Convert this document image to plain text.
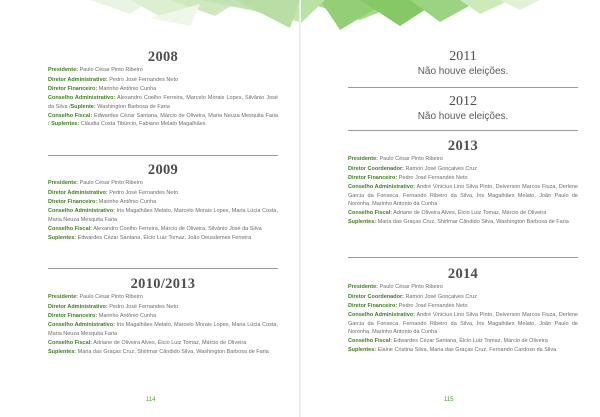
2008
Presidente: Paulo César Pinto Ribeiro
Diretor Administrativo: Pedro José Fernandes Neto
Diretor Financeiro: Marinho Antônio Cunha
Conselho Administrativo: Alexandro Coelho Ferreira, Marcelo Morais Lopes, Silvânio José da Silva /Suplente: Washington Barbosa de Faria
Conselho Fiscal: Edwardes Cézar Santana, Márcio de Oliveira, Maria Neuza Mesquita Faria / Suplentes: Cláudia Costa Tibúrcio, Fabiano Melato Magalhães
2009
Presidente: Paulo César Pinto Ribeiro
Diretor Administrativo: Pedro José Fernandes Neto
Diretor Financeiro: Marinho Antônio Cunha
Conselho Administrativo: Iris Magalhães Melato, Marcelo Morais Lopes, Maria Lúcia Costa, Maria Neuza Mesquita Faria
Conselho Fiscal: Alexandro Coelho Ferreira, Márcio de Oliveira, Silvânio José da Silva
Suplentes: Edwardes Cézar Santana, Élcio Luiz Tomaz, João Deusdemes Ferreira
2010/2013
Presidente: Paulo César Pinto Ribeiro
Diretor Administrativo: Pedro José Fernandes Neto
Diretor Financeiro: Marinho Antônio Cunha
Conselho Administrativo: Iris Magalhães Melato, Marcelo Morais Lopes, Maria Lúcia Costa, Maria Neuza Mesquita Faria
Conselho Fiscal: Adriane de Oliveira Alves, Élcio Luiz Tomaz, Márcio de Oliveira
Suplentes: Maria das Graças Cruz, Shirlmar Cândido Silva, Washington Barbosa de Faria
114
2011
Não houve eleições.
2012
Não houve eleições.
2013
Presidente: Paulo César Pinto Ribeiro
Diretor Coordenador: Ramon José Gonçalves Cruz
Diretor Financeiro: Pedro José Fernandes Neto
Conselho Administrativo: André Vinícius Lino Silva Pinto, Deiverson Marcos Fiuza, Derlene Garcia da Fonseca, Fernando Ribeiro da Silva, Íris Magalhães Melato, João Paulo de Noronha, Marinho Antonio da Cunha
Conselho Fiscal: Adriane de Oliveira Alves, Élcio Luiz Tomaz, Márcio de Oliveira
Suplentes: Maria das Graças Cruz, Shirlmar Cândido Silva, Washington Barbosa de Faria
2014
Presidente: Paulo César Pinto Ribeiro
Diretor Coordenador: Ramon José Gonçalves Cruz
Diretor Financeiro: Pedro José Fernandes Neto
Conselho Administrativo: André Vinícius Lino Silva Pinto, Deiverson Marcos Fiuza, Derlene Garcia da Fonseca, Fernando Ribeiro da Silva, Íris Magalhães Melato, João Paulo de Noronha, Marinho Antonio da Cunha
Conselho Fiscal: Edwardes Cézar Santana, Élcio Luiz Tomaz, Márcio de Oliveira
Suplentes: Elaine Cristina Silva, Maria das Graças Cruz, Fernando Cardoso da Silva
115
